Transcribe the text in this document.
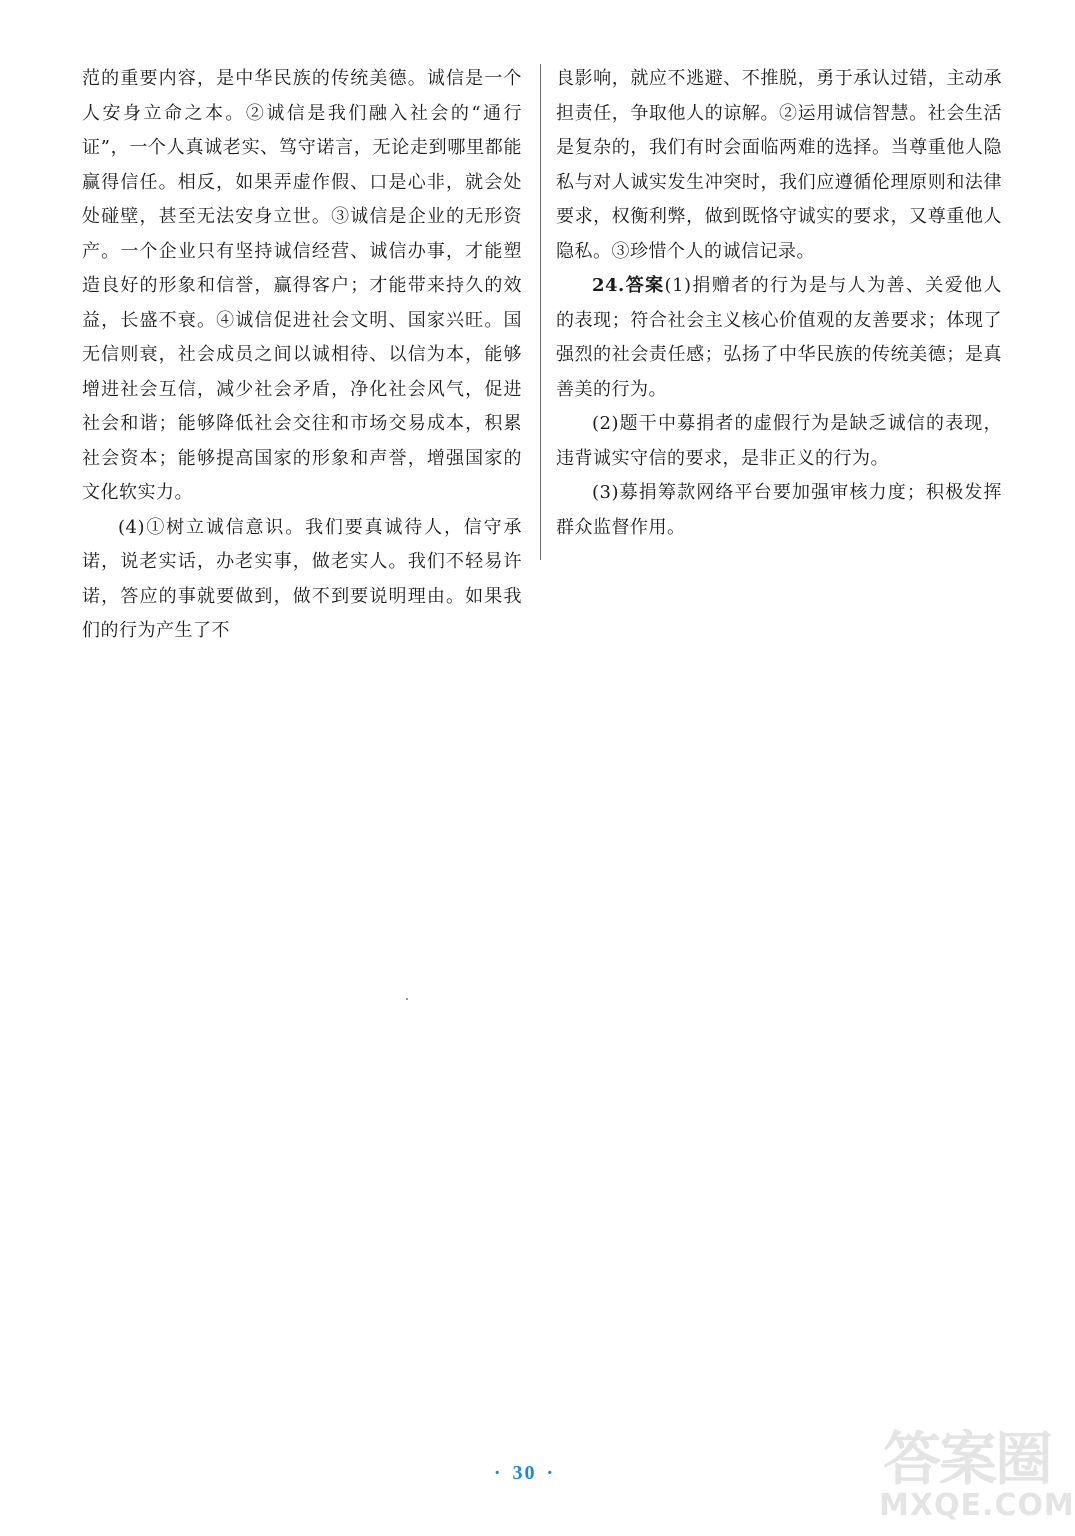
范的重要内容，是中华民族的传统美德。诚信是一个人安身立命之本。②诚信是我们融入社会的“通行证”，一个人真诚老实、笃守诺言，无论走到哪里都能赢得信任。相反，如果弄虚作假、口是心非，就会处处碰壁，甚至无法安身立世。③诚信是企业的无形资产。一个企业只有坚持诚信经营、诚信办事，才能塑造良好的形象和信誉，赢得客户；才能带来持久的效益，长盛不衰。④诚信促进社会文明、国家兴旺。国无信则衰，社会成员之间以诚相待、以信为本，能够增进社会互信，减少社会矛盾，净化社会风气，促进社会和谐；能够降低社会交往和市场交易成本，积累社会资本；能够提高国家的形象和声誉，增强国家的文化软实力。

(4)①树立诚信意识。我们要真诚待人，信守承诺，说老实话，办老实事，做老实人。我们不轻易许诺，答应的事就要做到，做不到要说明理由。如果我们的行为产生了不

良影响，就应不逃避、不推脱，勇于承认过错，主动承担责任，争取他人的谅解。②运用诚信智慧。社会生活是复杂的，我们有时会面临两难的选择。当尊重他人隐私与对人诚实发生冲突时，我们应遵循伦理原则和法律要求，权衡利弊，做到既恪守诚实的要求，又尊重他人隐私。③珍惜个人的诚信记录。

24.答案(1)捐赠者的行为是与人为善、关爱他人的表现；符合社会主义核心价值观的友善要求；体现了强烈的社会责任感；弘扬了中华民族的传统美德；是真善美的行为。

(2)题干中募捐者的虚假行为是缺乏诚信的表现，违背诚实守信的要求，是非正义的行为。

(3)募捐筹款网络平台要加强审核力度；积极发挥群众监督作用。

· 30 ·	答案圈
MXQE.COM
